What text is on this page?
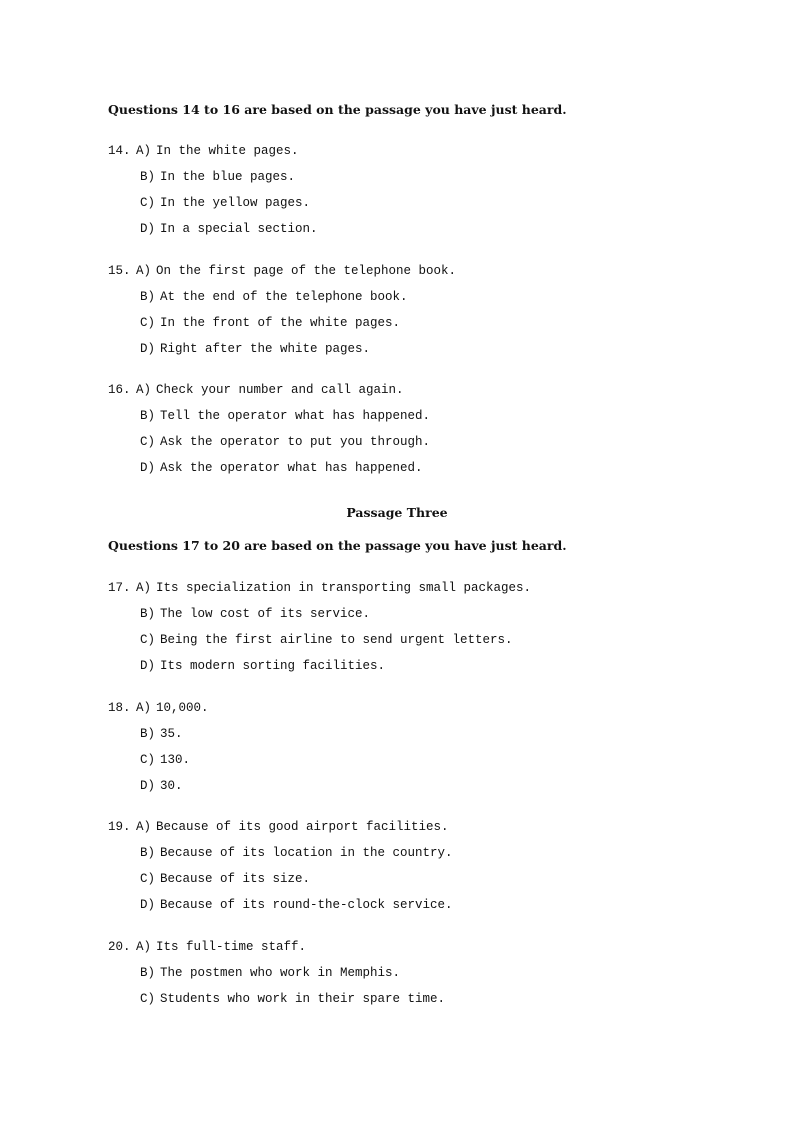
Questions 14 to 16 are based on the passage you have just heard.
14. A) In the white pages.
B) In the blue pages.
C) In the yellow pages.
D) In a special section.
15. A) On the first page of the telephone book.
B) At the end of the telephone book.
C) In the front of the white pages.
D) Right after the white pages.
16. A) Check your number and call again.
B) Tell the operator what has happened.
C) Ask the operator to put you through.
D) Ask the operator what has happened.
Passage Three
Questions 17 to 20 are based on the passage you have just heard.
17. A) Its specialization in transporting small packages.
B) The low cost of its service.
C) Being the first airline to send urgent letters.
D) Its modern sorting facilities.
18. A) 10,000.
B) 35.
C) 130.
D) 30.
19. A) Because of its good airport facilities.
B) Because of its location in the country.
C) Because of its size.
D) Because of its round-the-clock service.
20. A) Its full-time staff.
B) The postmen who work in Memphis.
C) Students who work in their spare time.
